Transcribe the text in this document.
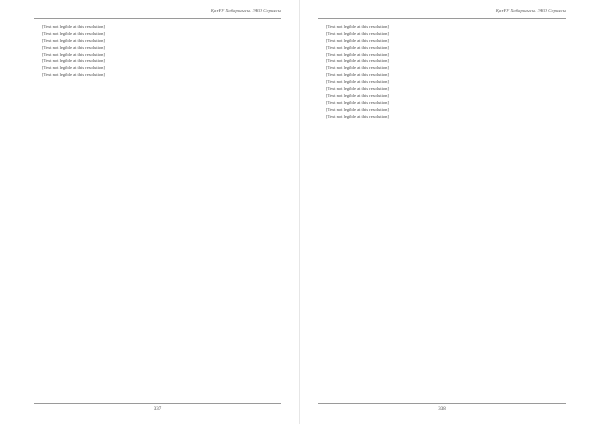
ҚазҰУ Хабаршысы. ЭКО Сериясы

[Text not legible at this resolution]

[Text not legible at this resolution]

[Text not legible at this resolution]

[Text not legible at this resolution]

[Text not legible at this resolution]

[Text not legible at this resolution]

[Text not legible at this resolution]

[Text not legible at this resolution]

337
ҚазҰУ Хабаршысы. ЭКО Сериясы

[Text not legible at this resolution]

[Text not legible at this resolution]

[Text not legible at this resolution]

[Text not legible at this resolution]

[Text not legible at this resolution]

[Text not legible at this resolution]

[Text not legible at this resolution]

[Text not legible at this resolution]

[Text not legible at this resolution]

[Text not legible at this resolution]

[Text not legible at this resolution]

[Text not legible at this resolution]

[Text not legible at this resolution]

[Text not legible at this resolution]

338
